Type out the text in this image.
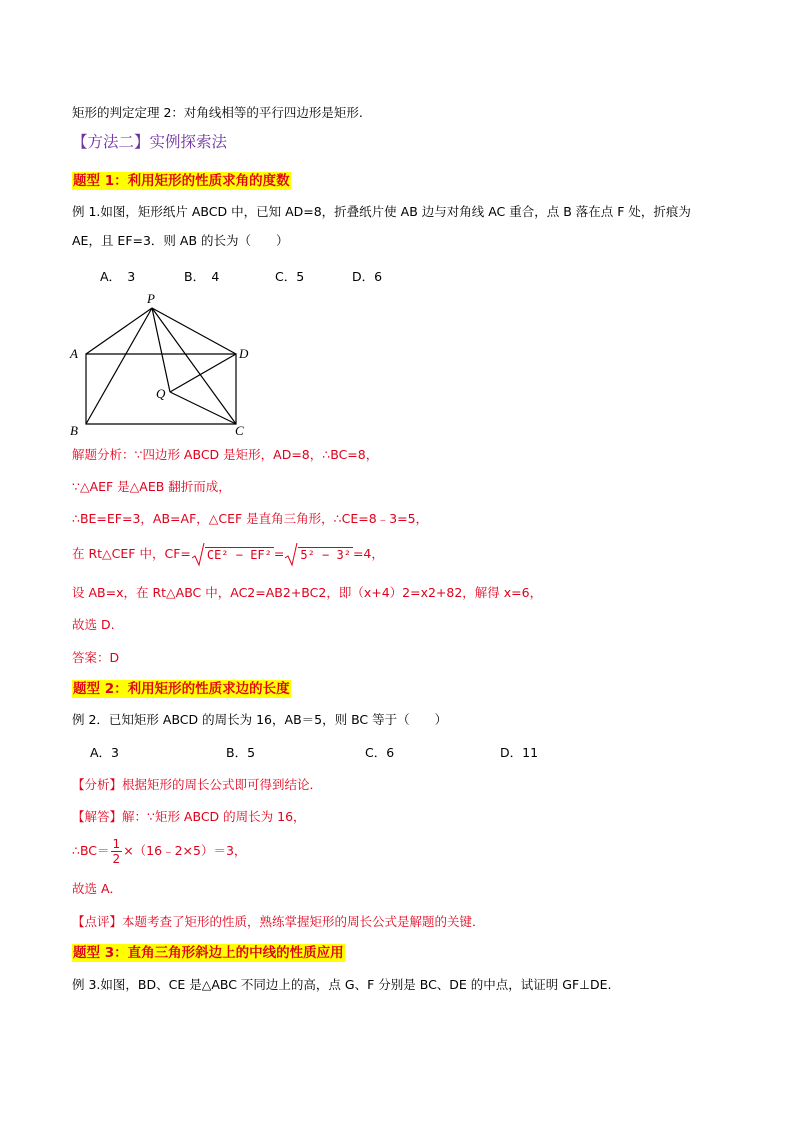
矩形的判定定理 2：对角线相等的平行四边形是矩形.
【方法二】实例探索法
题型 1：利用矩形的性质求角的度数
例 1.如图，矩形纸片 ABCD 中，已知 AD=8，折叠纸片使 AB 边与对角线 AC 重合，点 B 落在点 F 处，折痕为
AE，且 EF=3．则 AB 的长为（　　）
A．　3	B．　4	C．5	D．6
P
A	D
Q
B	C
解题分析：∵四边形 ABCD 是矩形，AD=8，∴BC=8，
∵△AEF 是△AEB 翻折而成，
∴BE=EF=3，AB=AF，△CEF 是直角三角形，∴CE=8﹣3=5，
在 Rt△CEF 中，CF= CE² − EF² = 5² − 3² =4，
设 AB=x，在 Rt△ABC 中，AC2=AB2+BC2，即（x+4）2=x2+82，解得 x=6，
故选 D.
答案：D
题型 2：利用矩形的性质求边的长度
例 2．已知矩形 ABCD 的周长为 16，AB＝5，则 BC 等于（　　）
A．3	B．5	C．6	D．11
【分析】根据矩形的周长公式即可得到结论．
【解答】解：∵矩形 ABCD 的周长为 16，
∴BC＝ $\frac{1}{2}$ ×（16﹣2×5）＝3，
故选 A．
【点评】本题考查了矩形的性质，熟练掌握矩形的周长公式是解题的关键．
题型 3：直角三角形斜边上的中线的性质应用
例 3.如图，BD、CE 是△ABC 不同边上的高，点 G、F 分别是 BC、DE 的中点，试证明 GF⊥DE.
